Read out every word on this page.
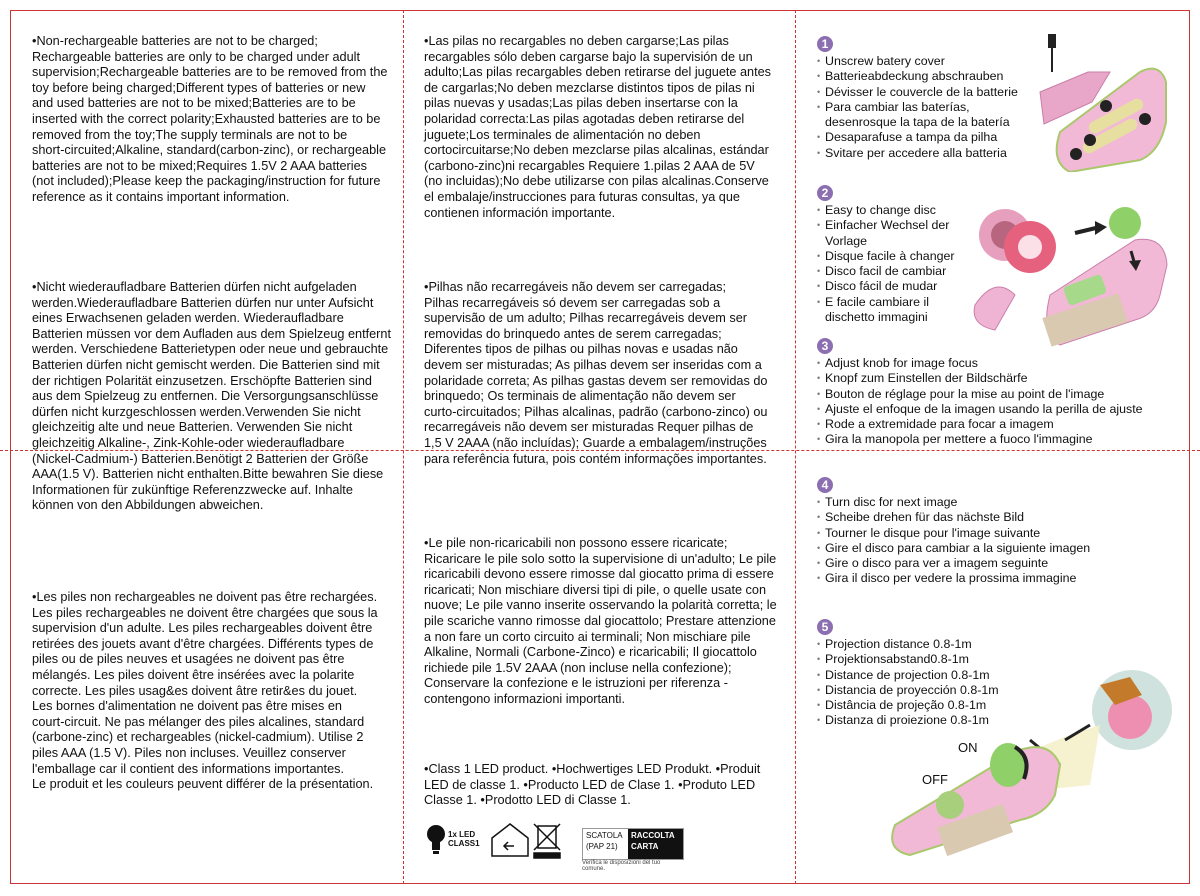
•Non-rechargeable batteries are not to be charged;
Rechargeable batteries are only to be charged under adult
supervision;Rechargeable batteries are to be removed from the
toy before being charged;Different types of batteries or new
and used batteries are not to be mixed;Batteries are to be
inserted with the correct polarity;Exhausted batteries are to be
removed from the toy;The supply terminals are not to be
short-circuited;Alkaline, standard(carbon-zinc), or rechargeable
batteries are not to be mixed;Requires 1.5V 2 AAA batteries
(not included);Please keep the packaging/instruction for future
reference as it contains important information.
•Nicht wiederaufladbare Batterien dürfen nicht aufgeladen
werden.Wiederaufladbare Batterien dürfen nur unter Aufsicht
eines Erwachsenen geladen werden. Wiederaufladbare
Batterien müssen vor dem Aufladen aus dem Spielzeug entfernt
werden. Verschiedene Batterietypen oder neue und gebrauchte
Batterien dürfen nicht gemischt werden. Die Batterien sind mit
der richtigen Polarität einzusetzen. Erschöpfte Batterien sind
aus dem Spielzeug zu entfernen. Die Versorgungsanschlüsse
dürfen nicht kurzgeschlossen werden.Verwenden Sie nicht
gleichzeitig alte und neue Batterien. Verwenden Sie nicht
gleichzeitig Alkaline-, Zink-Kohle-oder wiederaufladbare
(Nickel-Cadmium-) Batterien.Benötigt 2 Batterien der Größe
AAA(1.5 V). Batterien nicht enthalten.Bitte bewahren Sie diese
Informationen für zukünftige Referenzzwecke auf. Inhalte
können von den Abbildungen abweichen.
•Les piles non rechargeables ne doivent pas être rechargées.
Les piles rechargeables ne doivent être chargées que sous la
supervision d'un adulte. Les piles rechargeables doivent être
retirées des jouets avant d'être chargées. Différents types de
piles ou de piles neuves et usagées ne doivent pas être
mélangés. Les piles doivent être insérées avec la polarite
correcte. Les piles usag&es doivent âtre retir&es du jouet.
Les bornes d'alimentation ne doivent pas être mises en
court-circuit. Ne pas mélanger des piles alcalines, standard
(carbone-zinc) et rechargeables (nickel-cadmium). Utilise 2
piles AAA (1.5 V). Piles non incluses. Veuillez conserver
l'emballage car il contient des informations importantes.
Le produit et les couleurs peuvent différer de la présentation.
•Las pilas no recargables no deben cargarse;Las pilas
recargables sólo deben cargarse bajo la supervisión de un
adulto;Las pilas recargables deben retirarse del juguete antes
de cargarlas;No deben mezclarse distintos tipos de pilas ni
pilas nuevas y usadas;Las pilas deben insertarse con la
polaridad correcta:Las pilas agotadas deben retirarse del
juguete;Los terminales de alimentación no deben
cortocircuitarse;No deben mezclarse pilas alcalinas, estándar
(carbono-zinc)ni recargables Requiere 1.pilas 2 AAA de 5V
(no incluidas);No debe utilizarse con pilas alcalinas.Conserve
el embalaje/instrucciones para futuras consultas, ya que
contienen información importante.
•Pilhas não recarregáveis não devem ser carregadas;
Pilhas recarregáveis só devem ser carregadas sob a
supervisão de um adulto; Pilhas recarregáveis devem ser
removidas do brinquedo antes de serem carregadas;
Diferentes tipos de pilhas ou pilhas novas e usadas não
devem ser misturadas; As pilhas devem ser inseridas com a
polaridade correta; As pilhas gastas devem ser removidas do
brinquedo; Os terminais de alimentação não devem ser
curto-circuitados; Pilhas alcalinas, padrão (carbono-zinco) ou
recarregáveis não devem ser misturadas Requer pilhas de
1,5 V 2AAA (não incluídas); Guarde a embalagem/instruções
para referência futura, pois contém informações importantes.
•Le pile non-ricaricabili non possono essere ricaricate;
Ricaricare le pile solo sotto la supervisione di un'adulto; Le pile
ricaricabili devono essere rimosse dal giocatto prima di essere
ricaricati; Non mischiare diversi tipi di pile, o quelle usate con
nuove; Le pile vanno inserite osservando la polarità corretta; le
pile scariche vanno rimosse dal giocattolo; Prestare attenzione
a non fare un corto circuito ai terminali; Non mischiare pile
Alkaline, Normali (Carbone-Zinco) e ricaricabili; Il giocattolo
richiede pile 1.5V 2AAA (non incluse nella confezione);
Conservare la confezione e le istruzioni per riferenza -
contengono informazioni importanti.
•Class 1 LED product. •Hochwertiges LED Produkt. •Produit
LED de classe 1. •Producto LED de Clase 1. •Produto LED
Classe 1. •Prodotto LED di Classe 1.
1x LED
CLASS1
SCATOLA
(PAP 21)
RACCOLTA
CARTA
Verifica le disposizioni del tuo comune.
1
• Unscrew batery cover
• Batterieabdeckung abschrauben
• Dévisser le couvercle de la batterie
• Para cambiar las baterías,
desenrosque la tapa de la batería
• Desaparafuse a tampa da pilha
• Svitare per accedere alla batteria
2
• Easy to change disc
• Einfacher Wechsel der Vorlage
• Disque facile à changer
• Disco facil de cambiar
• Disco fácil de mudar
• E facile cambiare il
dischetto immagini
3
• Adjust knob for image focus
• Knopf zum Einstellen der Bildschärfe
• Bouton de réglage pour la mise au point de l'image
• Ajuste el enfoque de la imagen usando la perilla de ajuste
• Rode a extremidade para focar a imagem
• Gira la manopola per mettere a fuoco l'immagine
4
• Turn disc for next image
• Scheibe drehen für das nächste Bild
• Tourner le disque pour l'image suivante
• Gire el disco para cambiar a la siguiente imagen
• Gire o disco para ver a imagem seguinte
• Gira il disco per vedere la prossima immagine
5
• Projection distance 0.8-1m
• Projektionsabstand0.8-1m
• Distance de projection 0.8-1m
• Distancia de proyección 0.8-1m
• Distância de projeção 0.8-1m
• Distanza di proiezione 0.8-1m
ON
OFF
